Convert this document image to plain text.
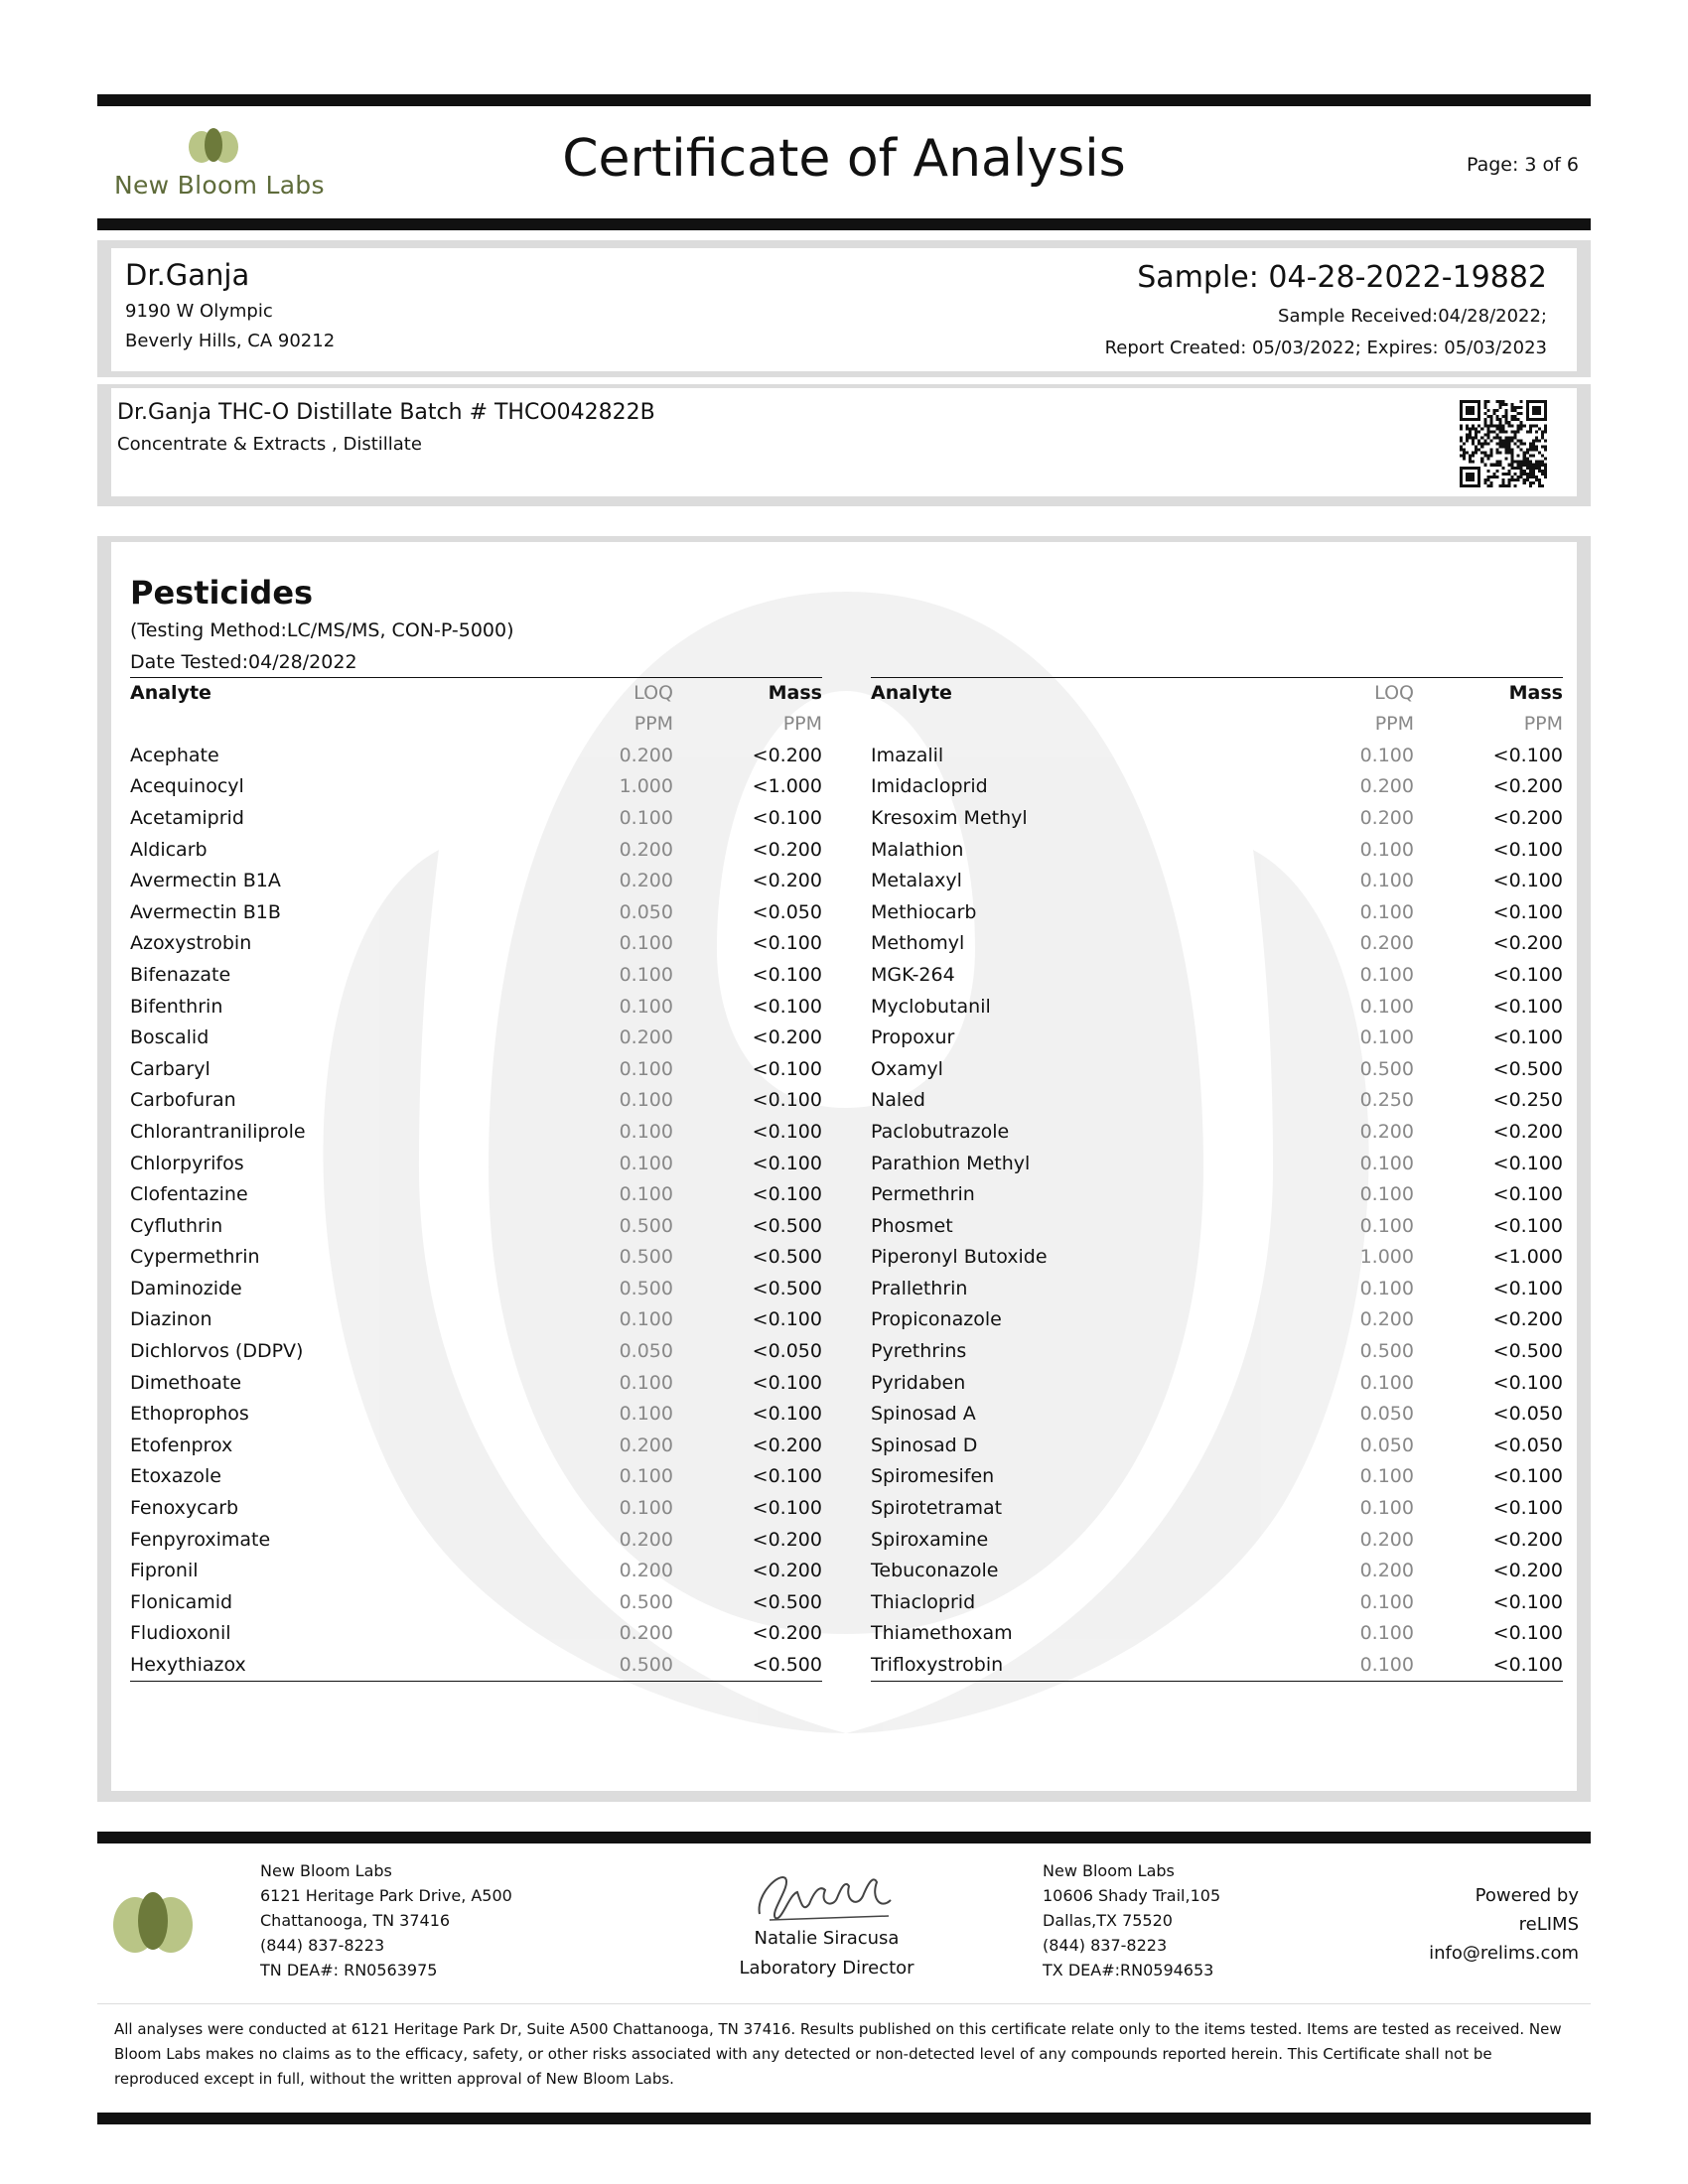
New Bloom Labs	Certificate of Analysis	Page: 3 of 6
Dr.Ganja
9190 W Olympic
Beverly Hills, CA 90212
Sample: 04-28-2022-19882
Sample Received:04/28/2022;
Report Created: 05/03/2022; Expires: 05/03/2023
Dr.Ganja THC-O Distillate Batch # THCO042822B
Concentrate & Extracts , Distillate
Pesticides
(Testing Method:LC/MS/MS, CON-P-5000)
Date Tested:04/28/2022
Analyte	LOQ	Mass
	PPM	PPM
Acephate	0.200	<0.200
Acequinocyl	1.000	<1.000
Acetamiprid	0.100	<0.100
Aldicarb	0.200	<0.200
Avermectin B1A	0.200	<0.200
Avermectin B1B	0.050	<0.050
Azoxystrobin	0.100	<0.100
Bifenazate	0.100	<0.100
Bifenthrin	0.100	<0.100
Boscalid	0.200	<0.200
Carbaryl	0.100	<0.100
Carbofuran	0.100	<0.100
Chlorantraniliprole	0.100	<0.100
Chlorpyrifos	0.100	<0.100
Clofentazine	0.100	<0.100
Cyfluthrin	0.500	<0.500
Cypermethrin	0.500	<0.500
Daminozide	0.500	<0.500
Diazinon	0.100	<0.100
Dichlorvos (DDPV)	0.050	<0.050
Dimethoate	0.100	<0.100
Ethoprophos	0.100	<0.100
Etofenprox	0.200	<0.200
Etoxazole	0.100	<0.100
Fenoxycarb	0.100	<0.100
Fenpyroximate	0.200	<0.200
Fipronil	0.200	<0.200
Flonicamid	0.500	<0.500
Fludioxonil	0.200	<0.200
Hexythiazox	0.500	<0.500
Analyte	LOQ	Mass
	PPM	PPM
Imazalil	0.100	<0.100
Imidacloprid	0.200	<0.200
Kresoxim Methyl	0.200	<0.200
Malathion	0.100	<0.100
Metalaxyl	0.100	<0.100
Methiocarb	0.100	<0.100
Methomyl	0.200	<0.200
MGK-264	0.100	<0.100
Myclobutanil	0.100	<0.100
Propoxur	0.100	<0.100
Oxamyl	0.500	<0.500
Naled	0.250	<0.250
Paclobutrazole	0.200	<0.200
Parathion Methyl	0.100	<0.100
Permethrin	0.100	<0.100
Phosmet	0.100	<0.100
Piperonyl Butoxide	1.000	<1.000
Prallethrin	0.100	<0.100
Propiconazole	0.200	<0.200
Pyrethrins	0.500	<0.500
Pyridaben	0.100	<0.100
Spinosad A	0.050	<0.050
Spinosad D	0.050	<0.050
Spiromesifen	0.100	<0.100
Spirotetramat	0.100	<0.100
Spiroxamine	0.200	<0.200
Tebuconazole	0.200	<0.200
Thiacloprid	0.100	<0.100
Thiamethoxam	0.100	<0.100
Trifloxystrobin	0.100	<0.100
New Bloom Labs
6121 Heritage Park Drive, A500
Chattanooga, TN 37416
(844) 837-8223
TN DEA#: RN0563975
Natalie Siracusa
Laboratory Director
New Bloom Labs
10606 Shady Trail,105
Dallas,TX 75520
(844) 837-8223
TX DEA#:RN0594653
Powered by
reLIMS
info@relims.com
All analyses were conducted at 6121 Heritage Park Dr, Suite A500 Chattanooga, TN 37416. Results published on this certificate relate only to the items tested. Items are tested as received. New Bloom Labs makes no claims as to the efficacy, safety, or other risks associated with any detected or non-detected level of any compounds reported herein. This Certificate shall not be reproduced except in full, without the written approval of New Bloom Labs.
